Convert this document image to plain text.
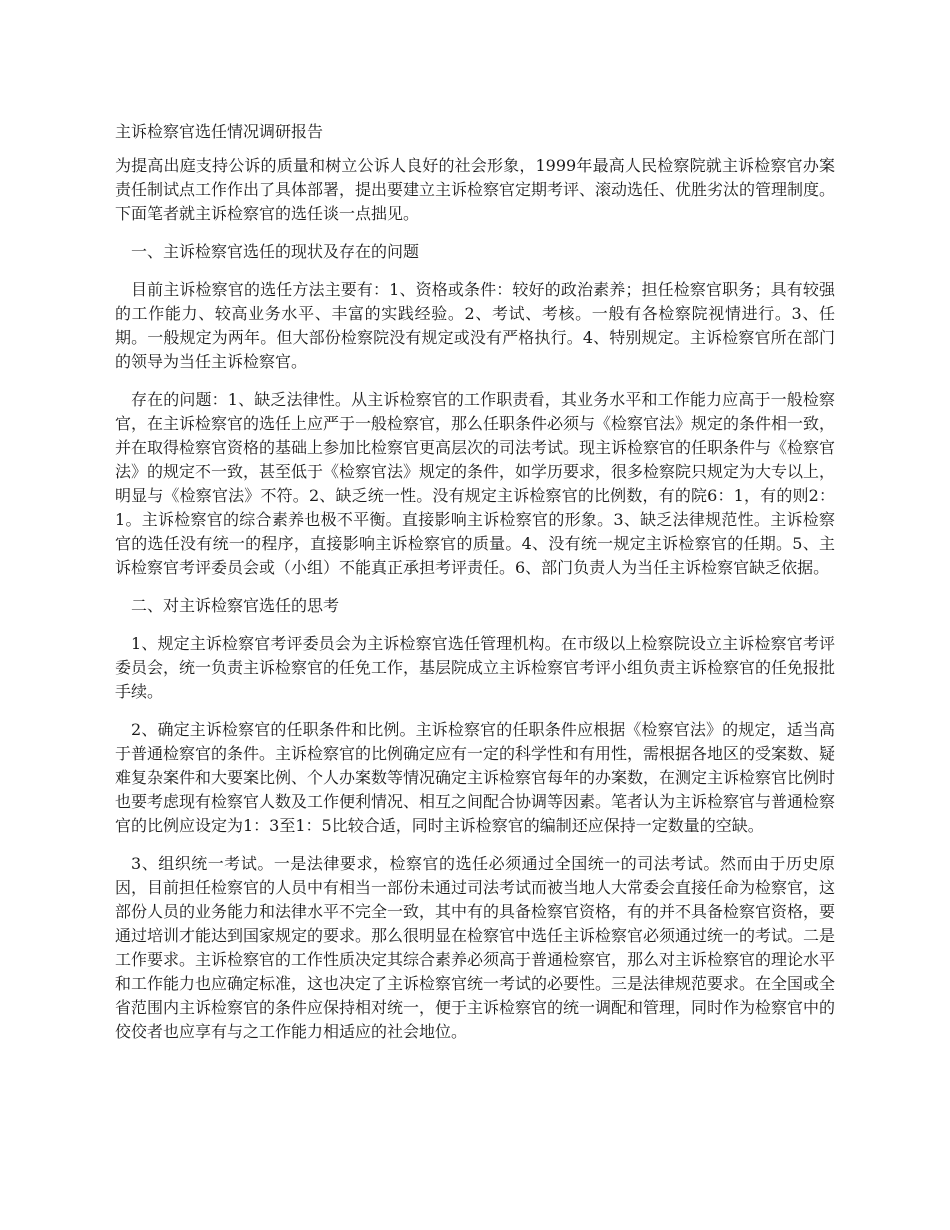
主诉检察官选任情况调研报告

为提高出庭支持公诉的质量和树立公诉人良好的社会形象，1999年最高人民检察院就主诉检察官办案责任制试点工作作出了具体部署，提出要建立主诉检察官定期考评、滚动选任、优胜劣汰的管理制度。下面笔者就主诉检察官的选任谈一点拙见。

一、主诉检察官选任的现状及存在的问题

目前主诉检察官的选任方法主要有：1、资格或条件：较好的政治素养；担任检察官职务；具有较强的工作能力、较高业务水平、丰富的实践经验。2、考试、考核。一般有各检察院视情进行。3、任期。一般规定为两年。但大部份检察院没有规定或没有严格执行。4、特别规定。主诉检察官所在部门的领导为当任主诉检察官。

存在的问题：1、缺乏法律性。从主诉检察官的工作职责看，其业务水平和工作能力应高于一般检察官，在主诉检察官的选任上应严于一般检察官，那么任职条件必须与《检察官法》规定的条件相一致，并在取得检察官资格的基础上参加比检察官更高层次的司法考试。现主诉检察官的任职条件与《检察官法》的规定不一致，甚至低于《检察官法》规定的条件，如学历要求，很多检察院只规定为大专以上，明显与《检察官法》不符。2、缺乏统一性。没有规定主诉检察官的比例数，有的院6：1，有的则2：1。主诉检察官的综合素养也极不平衡。直接影响主诉检察官的形象。3、缺乏法律规范性。主诉检察官的选任没有统一的程序，直接影响主诉检察官的质量。4、没有统一规定主诉检察官的任期。5、主诉检察官考评委员会或（小组）不能真正承担考评责任。6、部门负责人为当任主诉检察官缺乏依据。

二、对主诉检察官选任的思考

1、规定主诉检察官考评委员会为主诉检察官选任管理机构。在市级以上检察院设立主诉检察官考评委员会，统一负责主诉检察官的任免工作，基层院成立主诉检察官考评小组负责主诉检察官的任免报批手续。

2、确定主诉检察官的任职条件和比例。主诉检察官的任职条件应根据《检察官法》的规定，适当高于普通检察官的条件。主诉检察官的比例确定应有一定的科学性和有用性，需根据各地区的受案数、疑难复杂案件和大要案比例、个人办案数等情况确定主诉检察官每年的办案数，在测定主诉检察官比例时也要考虑现有检察官人数及工作便利情况、相互之间配合协调等因素。笔者认为主诉检察官与普通检察官的比例应设定为1：3至1：5比较合适，同时主诉检察官的编制还应保持一定数量的空缺。

3、组织统一考试。一是法律要求，检察官的选任必须通过全国统一的司法考试。然而由于历史原因，目前担任检察官的人员中有相当一部份未通过司法考试而被当地人大常委会直接任命为检察官，这部份人员的业务能力和法律水平不完全一致，其中有的具备检察官资格，有的并不具备检察官资格，要通过培训才能达到国家规定的要求。那么很明显在检察官中选任主诉检察官必须通过统一的考试。二是工作要求。主诉检察官的工作性质决定其综合素养必须高于普通检察官，那么对主诉检察官的理论水平和工作能力也应确定标准，这也决定了主诉检察官统一考试的必要性。三是法律规范要求。在全国或全省范围内主诉检察官的条件应保持相对统一，便于主诉检察官的统一调配和管理，同时作为检察官中的佼佼者也应享有与之工作能力相适应的社会地位。
